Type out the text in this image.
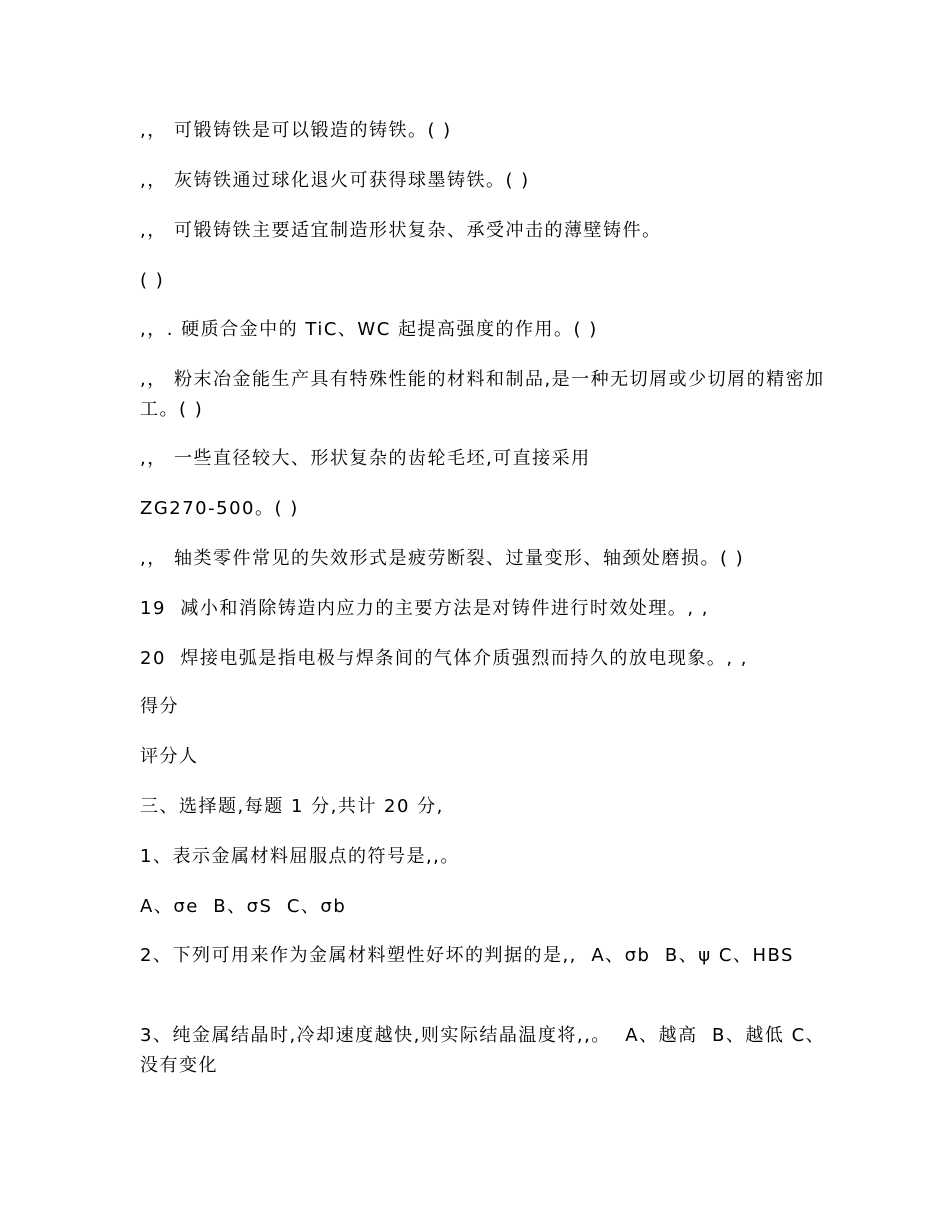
,， 可锻铸铁是可以锻造的铸铁。( )
,， 灰铸铁通过球化退火可获得球墨铸铁。( )
,， 可锻铸铁主要适宜制造形状复杂、承受冲击的薄壁铸件。
( )
,，. 硬质合金中的 TiC、WC 起提高强度的作用。( )
,， 粉末冶金能生产具有特殊性能的材料和制品,是一种无切屑或少切屑的精密加工。( )
,， 一些直径较大、形状复杂的齿轮毛坯,可直接采用
ZG270-500。( )
,， 轴类零件常见的失效形式是疲劳断裂、过量变形、轴颈处磨损。( )
19  减小和消除铸造内应力的主要方法是对铸件进行时效处理。, ,
20  焊接电弧是指电极与焊条间的气体介质强烈而持久的放电现象。, ,
得分
评分人
三、选择题,每题 1 分,共计 20 分,
1、表示金属材料屈服点的符号是,,。
A、σe  B、σS  C、σb
2、下列可用来作为金属材料塑性好坏的判据的是,,  A、σb  B、ψ C、HBS
3、纯金属结晶时,冷却速度越快,则实际结晶温度将,,。  A、越高  B、越低 C、没有变化
